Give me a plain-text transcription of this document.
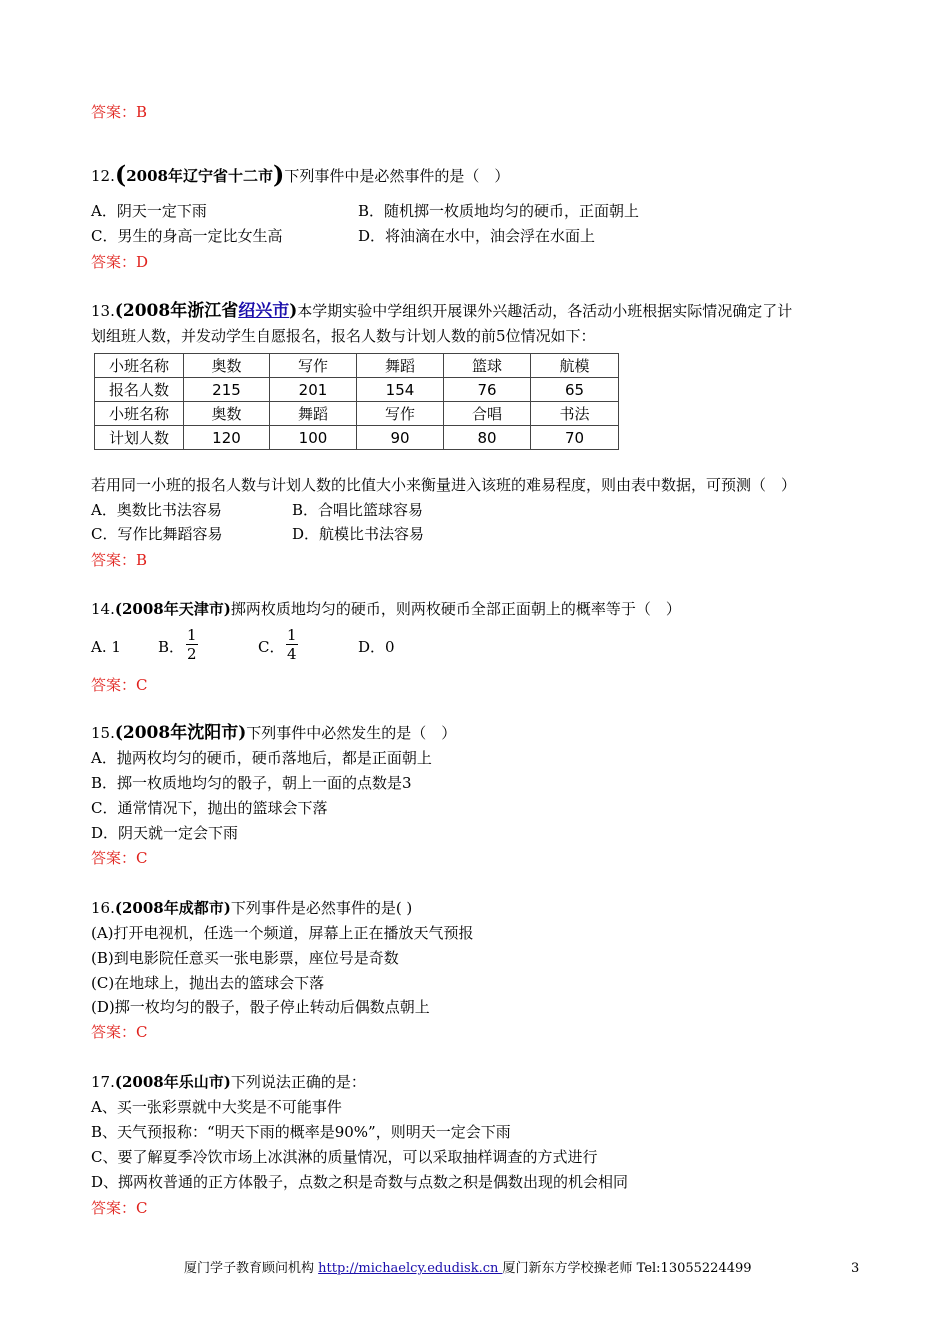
答案：B
12.(2008年辽宁省十二市)下列事件中是必然事件的是（　）
A．阴天一定下雨	B．随机掷一枚质地均匀的硬币，正面朝上
C．男生的身高一定比女生高	D．将油滴在水中，油会浮在水面上
答案：D
13.(2008年浙江省绍兴市)本学期实验中学组织开展课外兴趣活动，各活动小班根据实际情况确定了计
划组班人数，并发动学生自愿报名，报名人数与计划人数的前5位情况如下：
小班名称	奥数	写作	舞蹈	篮球	航模
报名人数	215	201	154	76	65
小班名称	奥数	舞蹈	写作	合唱	书法
计划人数	120	100	90	80	70
若用同一小班的报名人数与计划人数的比值大小来衡量进入该班的难易程度，则由表中数据，可预测（　）
A．奥数比书法容易	B．合唱比篮球容易
C．写作比舞蹈容易	D．航模比书法容易
答案：B
14.(2008年天津市)掷两枚质地均匀的硬币，则两枚硬币全部正面朝上的概率等于（　）
A. 1 B． $\frac{1}{2}$	C． $\frac{1}{4}$	D．0
答案：C
15.(2008年沈阳市)下列事件中必然发生的是（　）
A．抛两枚均匀的硬币，硬币落地后，都是正面朝上
B．掷一枚质地均匀的骰子，朝上一面的点数是3
C．通常情况下，抛出的篮球会下落
D．阴天就一定会下雨
答案：C
16.(2008年成都市)下列事件是必然事件的是( )
(A)打开电视机，任选一个频道，屏幕上正在播放天气预报
(B)到电影院任意买一张电影票，座位号是奇数
(C)在地球上，抛出去的篮球会下落
(D)掷一枚均匀的骰子，骰子停止转动后偶数点朝上
答案：C
17.(2008年乐山市)下列说法正确的是：
A、买一张彩票就中大奖是不可能事件
B、天气预报称：“明天下雨的概率是90%”，则明天一定会下雨
C、要了解夏季冷饮市场上冰淇淋的质量情况，可以采取抽样调查的方式进行
D、掷两枚普通的正方体骰子，点数之积是奇数与点数之积是偶数出现的机会相同
答案：C
厦门学子教育顾问机构 http://michaelcy.edudisk.cn 厦门新东方学校操老师 Tel:13055224499	3
